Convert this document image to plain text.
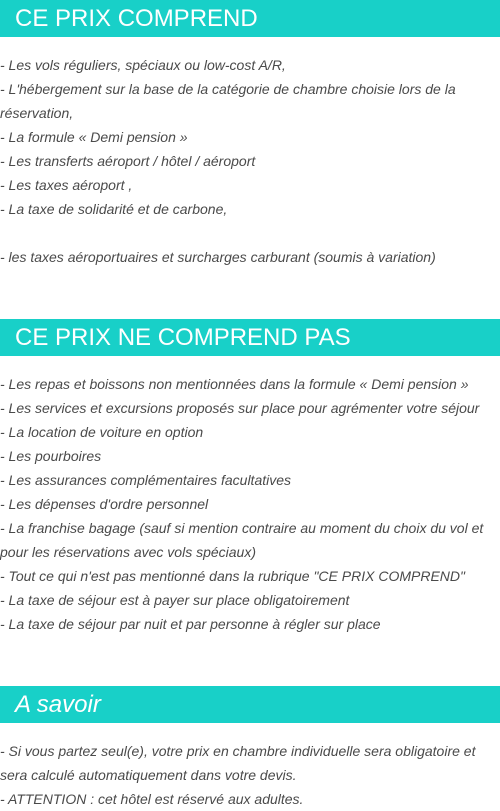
CE PRIX COMPREND
- Les vols réguliers, spéciaux ou low-cost A/R,
- L'hébergement sur la base de la catégorie de chambre choisie lors de la réservation,
- La formule « Demi pension »
- Les transferts aéroport / hôtel / aéroport
- Les taxes aéroport ,
- La taxe de solidarité et de carbone,
- les taxes aéroportuaires et surcharges carburant (soumis à variation)
CE PRIX NE COMPREND PAS
- Les repas et boissons non mentionnées dans la formule « Demi pension »
- Les services et excursions proposés sur place pour agrémenter votre séjour
- La location de voiture en option
- Les pourboires
- Les assurances complémentaires facultatives
- Les dépenses d'ordre personnel
- La franchise bagage (sauf si mention contraire au moment du choix du vol et pour les réservations avec vols spéciaux)
- Tout ce qui n'est pas mentionné dans la rubrique "CE PRIX COMPREND"
- La taxe de séjour est à payer sur place obligatoirement
- La taxe de séjour par nuit et par personne à régler sur place
A savoir
- Si vous partez seul(e), votre prix en chambre individuelle sera obligatoire et sera calculé automatiquement dans votre devis.
- ATTENTION : cet hôtel est réservé aux adultes.
